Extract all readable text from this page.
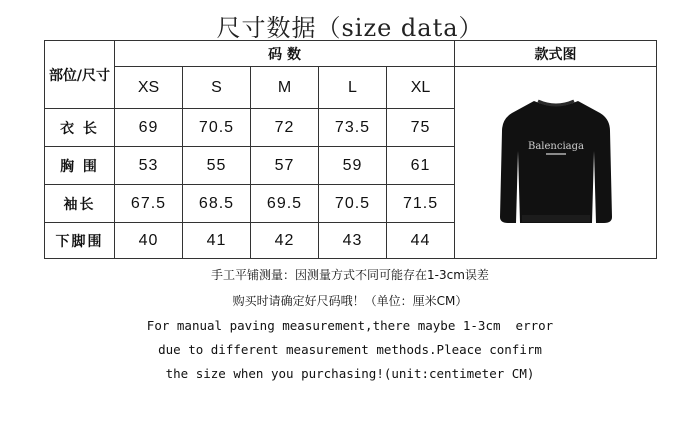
尺寸数据（size data）
部位/尺寸	码 数					款式图
	XS	S	M	L	XL	Balenciaga

衣 长	69	70.5	72	73.5	75	
胸 围	53	55	57	59	61	
袖长	67.5	68.5	69.5	70.5	71.5	
下脚围	40	41	42	43	44	

手工平铺测量：因测量方式不同可能存在1-3cm误差

购买时请确定好尺码哦！（单位：厘米CM）

For manual paving measurement,there maybe 1-3cm  error

due to different measurement methods.Pleace confirm

the size when you purchasing!(unit:centimeter CM)
